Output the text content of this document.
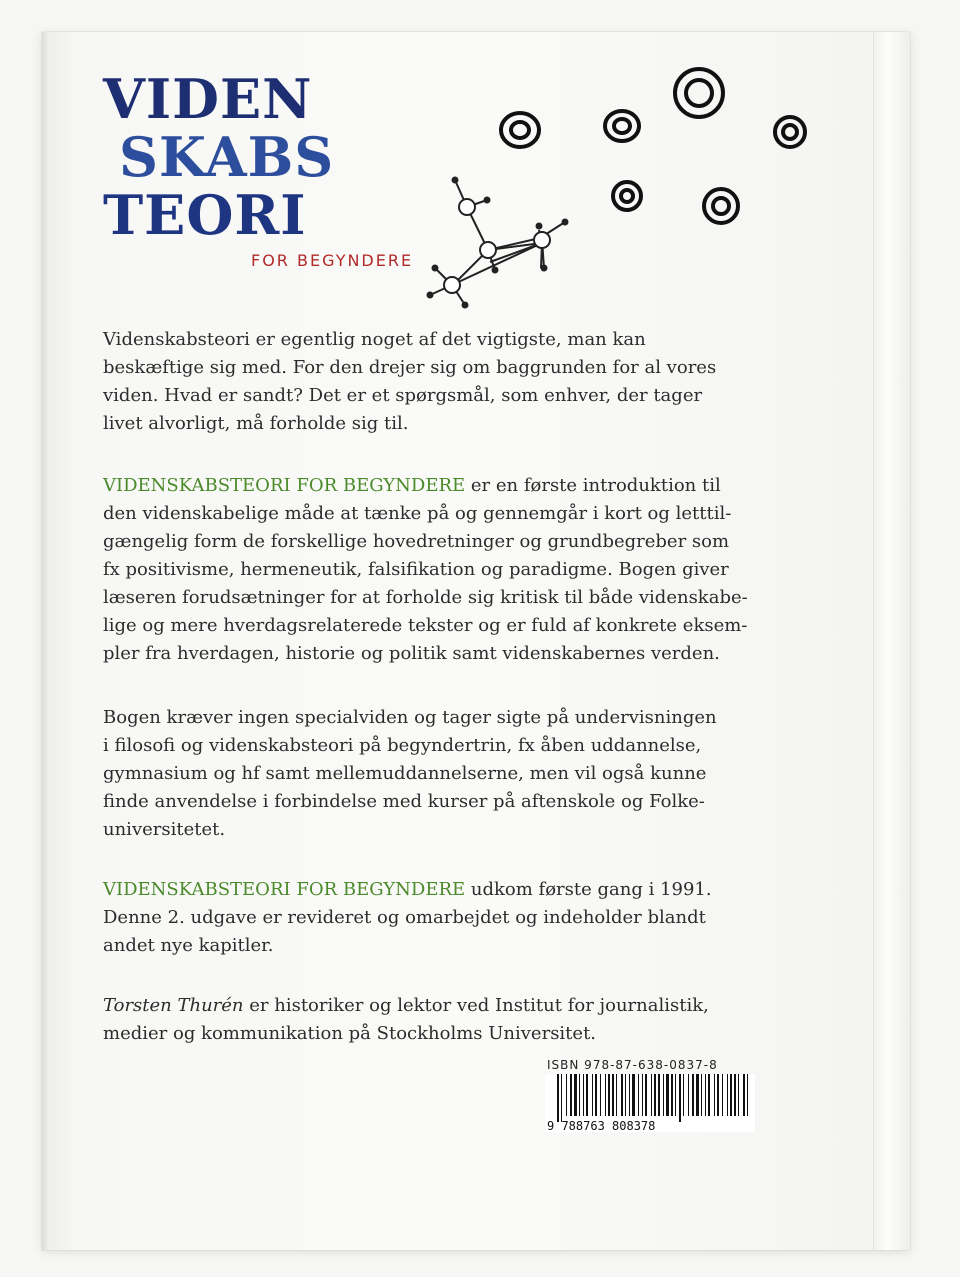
VIDEN
SKABS
TEORI
FOR BEGYNDERE
Videnskabsteori er egentlig noget af det vigtigste, man kan
beskæftige sig med. For den drejer sig om baggrunden for al vores
viden. Hvad er sandt? Det er et spørgsmål, som enhver, der tager
livet alvorligt, må forholde sig til.
VIDENSKABSTEORI FOR BEGYNDERE er en første introduktion til
den videnskabelige måde at tænke på og gennemgår i kort og letttil-
gængelig form de forskellige hovedretninger og grundbegreber som
fx positivisme, hermeneutik, falsifikation og paradigme. Bogen giver
læseren forudsætninger for at forholde sig kritisk til både videnskabe-
lige og mere hverdagsrelaterede tekster og er fuld af konkrete eksem-
pler fra hverdagen, historie og politik samt videnskabernes verden.
Bogen kræver ingen specialviden og tager sigte på undervisningen
i filosofi og videnskabsteori på begyndertrin, fx åben uddannelse,
gymnasium og hf samt mellemuddannelserne, men vil også kunne
finde anvendelse i forbindelse med kurser på aftenskole og Folke-
universitetet.
VIDENSKABSTEORI FOR BEGYNDERE udkom første gang i 1991.
Denne 2. udgave er revideret og omarbejdet og indeholder blandt
andet nye kapitler.
Torsten Thurén er historiker og lektor ved Institut for journalistik,
medier og kommunikation på Stockholms Universitet.
ISBN 978-87-638-0837-8
9 788763 808378
